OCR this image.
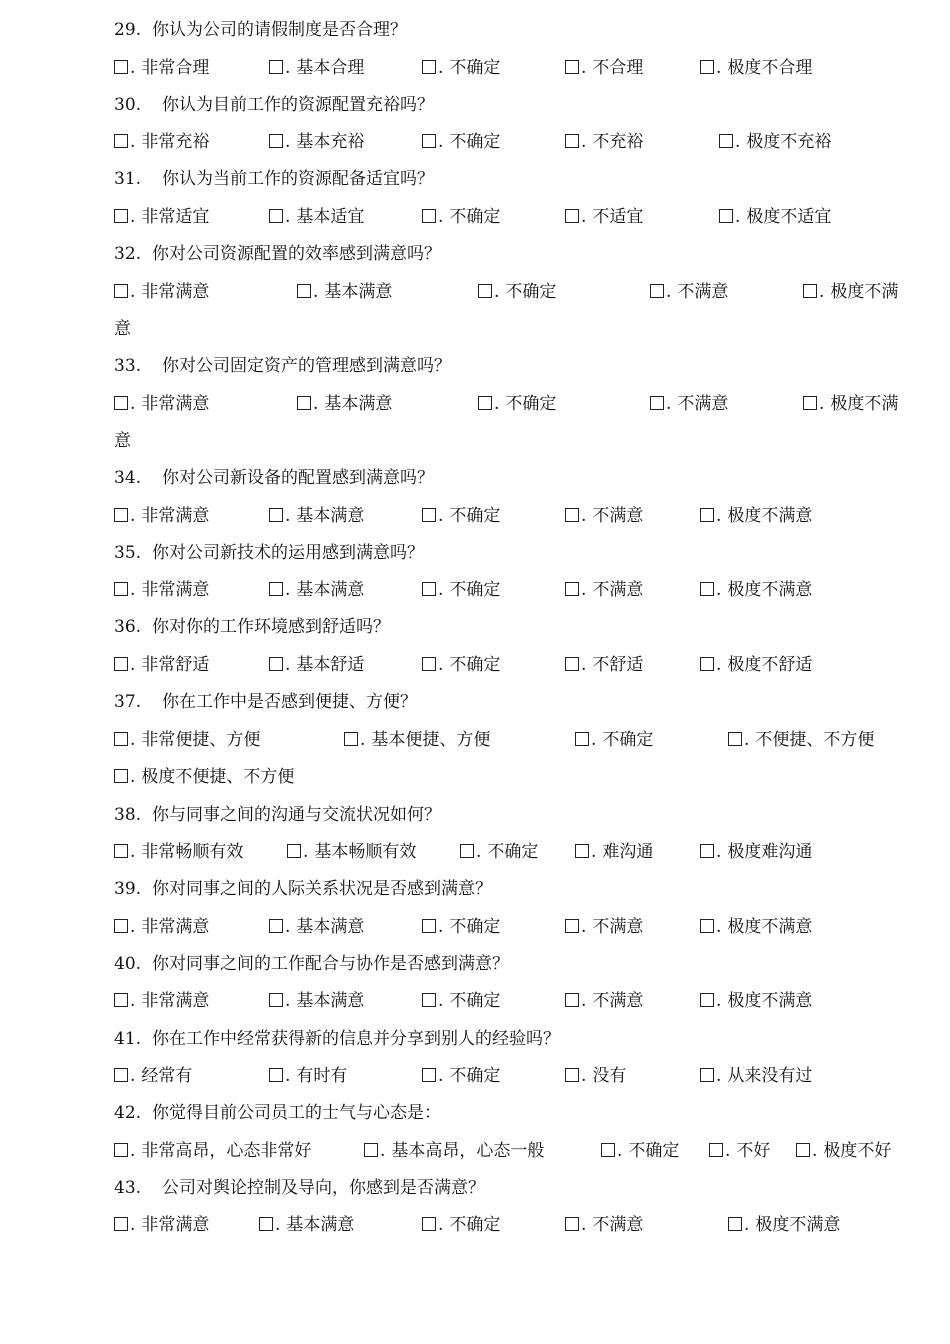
29. 你认为公司的请假制度是否合理？
. 非常合理	. 基本合理	. 不确定	. 不合理	. 极度不合理
30. 你认为目前工作的资源配置充裕吗？
. 非常充裕	. 基本充裕	. 不确定	. 不充裕	. 极度不充裕
31. 你认为当前工作的资源配备适宜吗？
. 非常适宜	. 基本适宜	. 不确定	. 不适宜	. 极度不适宜
32. 你对公司资源配置的效率感到满意吗？
. 非常满意	. 基本满意	. 不确定	. 不满意	. 极度不满
意
33. 你对公司固定资产的管理感到满意吗？
. 非常满意	. 基本满意	. 不确定	. 不满意	. 极度不满
意
34. 你对公司新设备的配置感到满意吗？
. 非常满意	. 基本满意	. 不确定	. 不满意	. 极度不满意
35. 你对公司新技术的运用感到满意吗？
. 非常满意	. 基本满意	. 不确定	. 不满意	. 极度不满意
36. 你对你的工作环境感到舒适吗？
. 非常舒适	. 基本舒适	. 不确定	. 不舒适	. 极度不舒适
37. 你在工作中是否感到便捷、方便？
. 非常便捷、方便	. 基本便捷、方便	. 不确定	. 不便捷、不方便
. 极度不便捷、不方便
38. 你与同事之间的沟通与交流状况如何？
. 非常畅顺有效	. 基本畅顺有效	. 不确定	. 难沟通	. 极度难沟通
39. 你对同事之间的人际关系状况是否感到满意？
. 非常满意	. 基本满意	. 不确定	. 不满意	. 极度不满意
40. 你对同事之间的工作配合与协作是否感到满意？
. 非常满意	. 基本满意	. 不确定	. 不满意	. 极度不满意
41. 你在工作中经常获得新的信息并分享到别人的经验吗？
. 经常有	. 有时有	. 不确定	. 没有	. 从来没有过
42. 你觉得目前公司员工的士气与心态是：
. 非常高昂，心态非常好	. 基本高昂，心态一般	. 不确定	. 不好	. 极度不好
43. 公司对舆论控制及导向，你感到是否满意？
. 非常满意	. 基本满意	. 不确定	. 不满意	. 极度不满意
